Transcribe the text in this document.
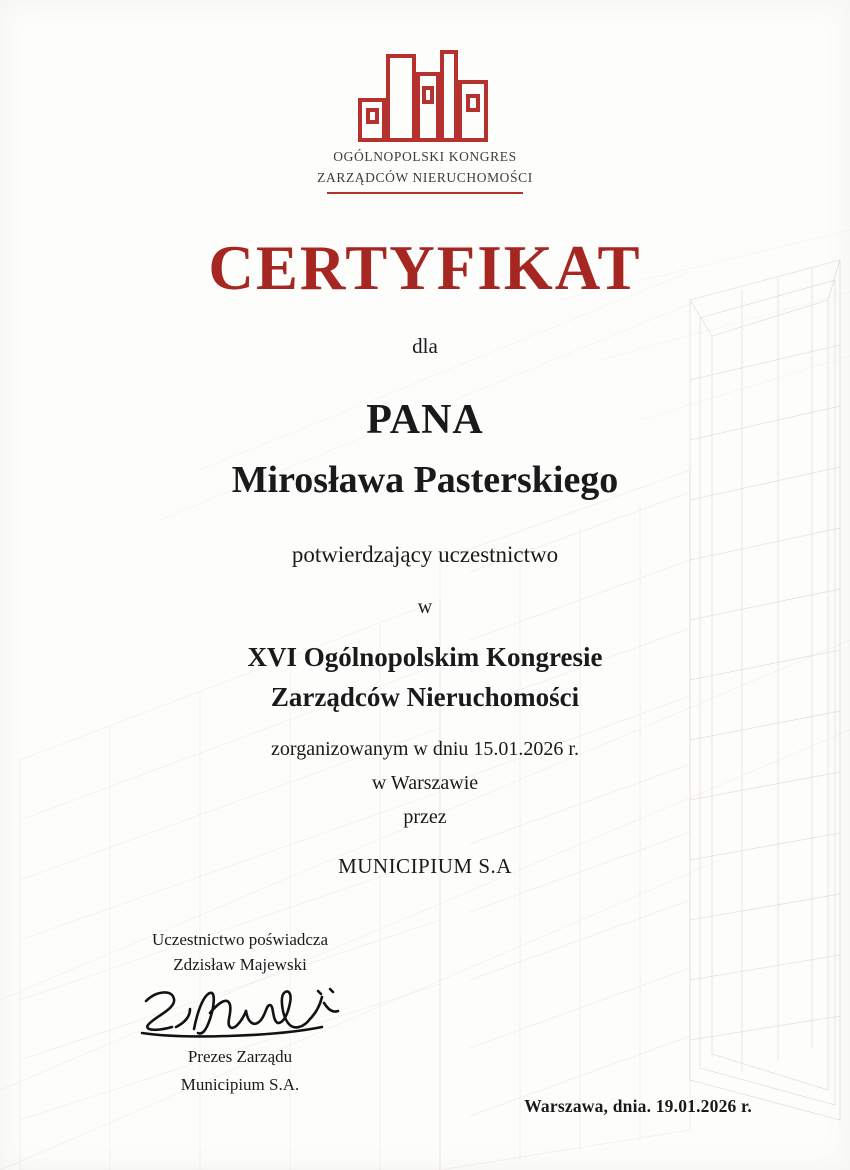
OGÓLNOPOLSKI KONGRES
ZARZĄDCÓW NIERUCHOMOŚCI
CERTYFIKAT
dla
PANA
Mirosława Pasterskiego
potwierdzający uczestnictwo
w
XVI Ogólnopolskim Kongresie
Zarządców Nieruchomości
zorganizowanym w dniu 15.01.2026 r.
w Warszawie
przez
MUNICIPIUM S.A
Uczestnictwo poświadcza
Zdzisław Majewski
Prezes Zarządu
Municipium S.A.
Warszawa, dnia. 19.01.2026 r.
